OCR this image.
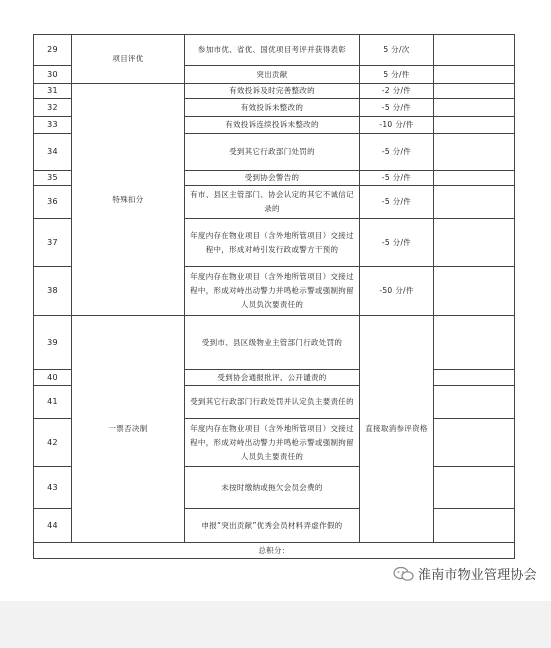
29	项目评优	参加市优、省优、国优项目考评并获得表彰	5 分/次	
30		突出贡献	5 分/件	
31	特殊扣分	有效投诉及时完善整改的	-2 分/件	
32		有效投诉未整改的	-5 分/件	
33		有效投诉连续投诉未整改的	-10 分/件	
34		受到其它行政部门处罚的	-5 分/件	
35		受到协会警告的	-5 分/件	
36		有市、县区主管部门、协会认定的其它不诚信记录的	-5 分/件	
37		年度内存在物业项目（含外地所管项目）交接过程中，形成对峙引发行政或警方干预的	-5 分/件	
38		年度内存在物业项目（含外地所管项目）交接过程中，形成对峙出动警力并鸣枪示警或强制拘留人员负次要责任的	-50 分/件	
39	一票否决制	受到市、县区级物业主管部门行政处罚的	直接取消参评资格	
40		受到协会通报批评、公开谴责的		
41		受到其它行政部门行政处罚并认定负主要责任的		
42		年度内存在物业项目（含外地所管项目）交接过程中，形成对峙出动警力并鸣枪示警或强制拘留人员负主要责任的		
43		未按时缴纳或拖欠会员会费的		
44		申报“突出贡献”优秀会员材料弄虚作假的		
总积分：				
淮南市物业管理协会
